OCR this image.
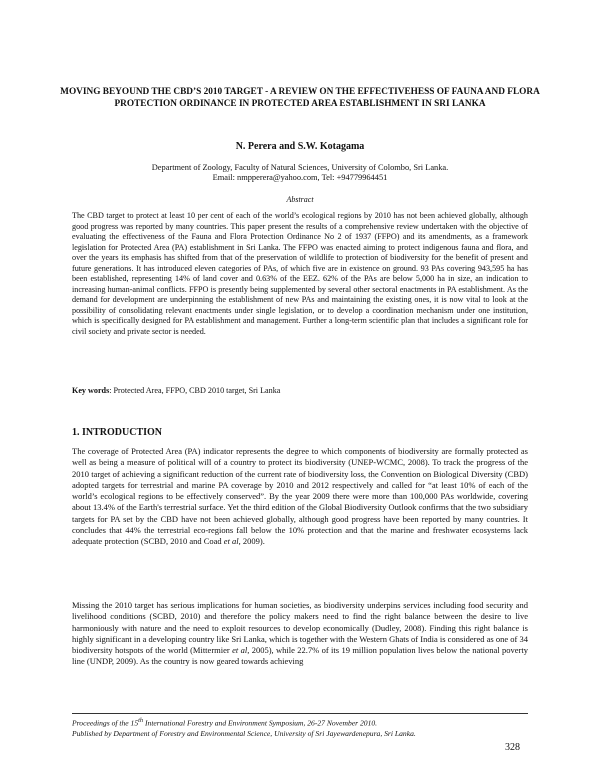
MOVING BEYOUND THE CBD’S 2010 TARGET - A REVIEW ON THE EFFECTIVEHESS OF FAUNA AND FLORA PROTECTION ORDINANCE IN PROTECTED AREA ESTABLISHMENT IN SRI LANKA
N. Perera and S.W. Kotagama
Department of Zoology, Faculty of Natural Sciences, University of Colombo, Sri Lanka.
Email: nmpperera@yahoo.com, Tel: +94779964451
Abstract
The CBD target to protect at least 10 per cent of each of the world’s ecological regions by 2010 has not been achieved globally, although good progress was reported by many countries. This paper present the results of a comprehensive review undertaken with the objective of evaluating the effectiveness of the Fauna and Flora Protection Ordinance No 2 of 1937 (FFPO) and its amendments, as a framework legislation for Protected Area (PA) establishment in Sri Lanka. The FFPO was enacted aiming to protect indigenous fauna and flora, and over the years its emphasis has shifted from that of the preservation of wildlife to protection of biodiversity for the benefit of present and future generations. It has introduced eleven categories of PAs, of which five are in existence on ground. 93 PAs covering 943,595 ha has been established, representing 14% of land cover and 0.63% of the EEZ. 62% of the PAs are below 5,000 ha in size, an indication to increasing human-animal conflicts. FFPO is presently being supplemented by several other sectoral enactments in PA establishment. As the demand for development are underpinning the establishment of new PAs and maintaining the existing ones, it is now vital to look at the possibility of consolidating relevant enactments under single legislation, or to develop a coordination mechanism under one institution, which is specifically designed for PA establishment and management. Further a long-term scientific plan that includes a significant role for civil society and private sector is needed.
Key words: Protected Area, FFPO, CBD 2010 target, Sri Lanka
1. INTRODUCTION
The coverage of Protected Area (PA) indicator represents the degree to which components of biodiversity are formally protected as well as being a measure of political will of a country to protect its biodiversity (UNEP-WCMC, 2008). To track the progress of the 2010 target of achieving a significant reduction of the current rate of biodiversity loss, the Convention on Biological Diversity (CBD) adopted targets for terrestrial and marine PA coverage by 2010 and 2012 respectively and called for “at least 10% of each of the world’s ecological regions to be effectively conserved”. By the year 2009 there were more than 100,000 PAs worldwide, covering about 13.4% of the Earth's terrestrial surface. Yet the third edition of the Global Biodiversity Outlook confirms that the two subsidiary targets for PA set by the CBD have not been achieved globally, although good progress have been reported by many countries. It concludes that 44% the terrestrial eco-regions fall below the 10% protection and that the marine and freshwater ecosystems lack adequate protection (SCBD, 2010 and Coad et al, 2009).
Missing the 2010 target has serious implications for human societies, as biodiversity underpins services including food security and livelihood conditions (SCBD, 2010) and therefore the policy makers need to find the right balance between the desire to live harmoniously with nature and the need to exploit resources to develop economically (Dudley, 2008). Finding this right balance is highly significant in a developing country like Sri Lanka, which is together with the Western Ghats of India is considered as one of 34 biodiversity hotspots of the world (Mittermier et al, 2005), while 22.7% of its 19 million population lives below the national poverty line (UNDP, 2009). As the country is now geared towards achieving
Proceedings of the 15th International Forestry and Environment Symposium, 26-27 November 2010.
Published by Department of Forestry and Environmental Science, University of Sri Jayewardenepura, Sri Lanka.
328
